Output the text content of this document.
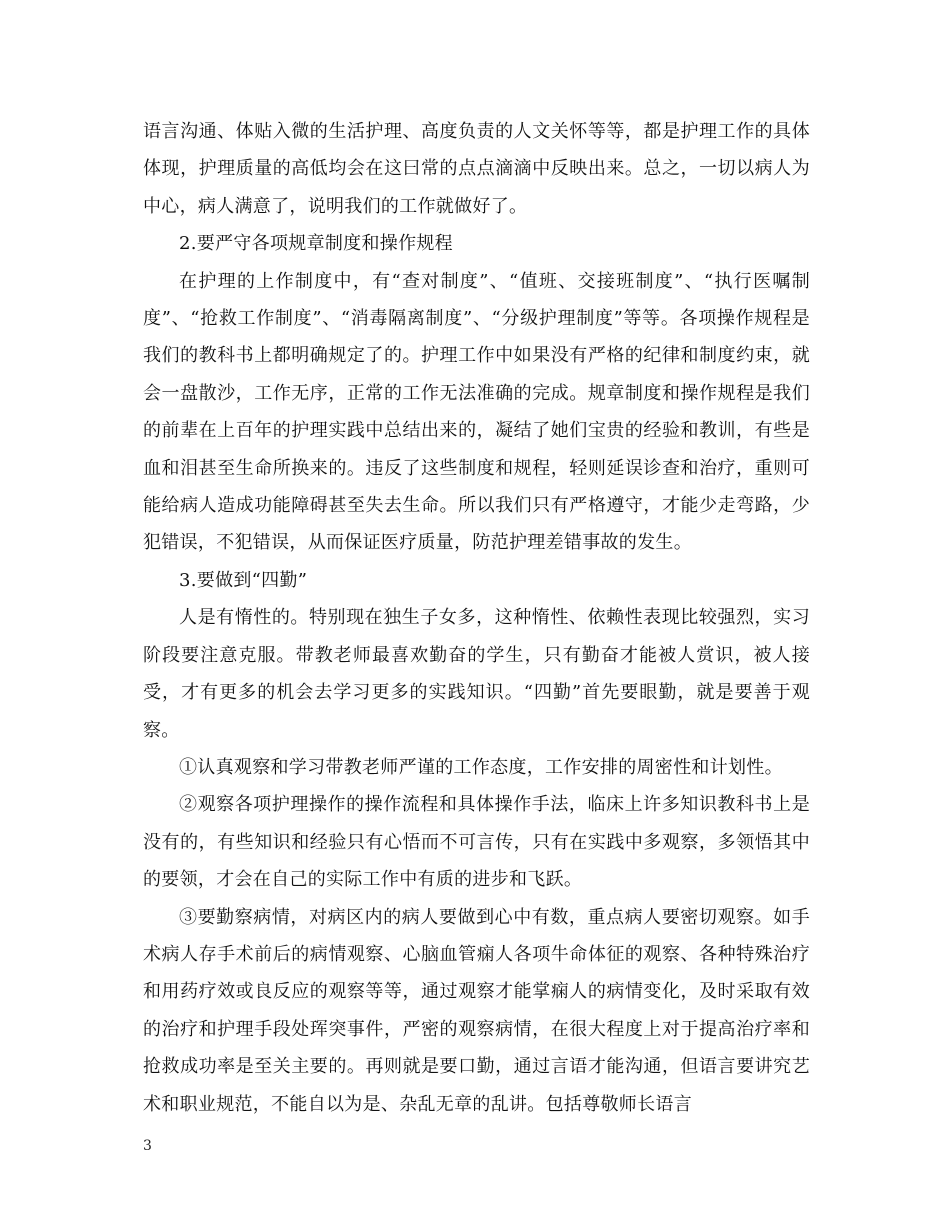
语言沟通、体贴入微的生活护理、高度负责的人文关怀等等，都是护理工作的具体体现，护理质量的高低均会在这曰常的点点滴滴中反映出来。总之，一切以病人为中心，病人满意了，说明我们的工作就做好了。

2.要严守各项规章制度和操作规程

在护理的上作制度中，有“查对制度”、“值班、交接班制度”、“执行医嘱制度”、“抢救工作制度”、“消毒隔离制度”、“分级护理制度”等等。各项操作规程是我们的教科书上都明确规定了的。护理工作中如果没有严格的纪律和制度约束，就会一盘散沙，工作无序，正常的工作无法准确的完成。规章制度和操作规程是我们的前辈在上百年的护理实践中总结出来的，凝结了她们宝贵的经验和教训，有些是血和泪甚至生命所换来的。违反了这些制度和规程，轻则延误诊查和治疗，重则可能给病人造成功能障碍甚至失去生命。所以我们只有严格遵守，才能少走弯路，少犯错误，不犯错误，从而保证医疗质量，防范护理差错事故的发生。

3.要做到“四勤”

人是有惰性的。特别现在独生子女多，这种惰性、依赖性表现比较强烈，实习阶段要注意克服。带教老师最喜欢勤奋的学生，只有勤奋才能被人赏识，被人接受，才有更多的机会去学习更多的实践知识。“四勤”首先要眼勤，就是要善于观察。

①认真观察和学习带教老师严谨的工作态度，工作安排的周密性和计划性。

②观察各项护理操作的操作流程和具体操作手法，临床上许多知识教科书上是没有的，有些知识和经验只有心悟而不可言传，只有在实践中多观察，多领悟其中的要领，才会在自己的实际工作中有质的进步和飞跃。

③要勤察病情，对病区内的病人要做到心中有数，重点病人要密切观察。如手术病人存手术前后的病情观察、心脑血管痫人各项牛命体征的观察、各种特殊治疗和用药疗效或良反应的观察等等，通过观察才能掌痫人的病情变化，及时采取有效的治疗和护理手段处珲突事件，严密的观察病情，在很大程度上对于提高治疗率和抢救成功率是至关主要的。再则就是要口勤，通过言语才能沟通，但语言要讲究艺术和职业规范，不能自以为是、杂乱无章的乱讲。包括尊敬师长语言

3
